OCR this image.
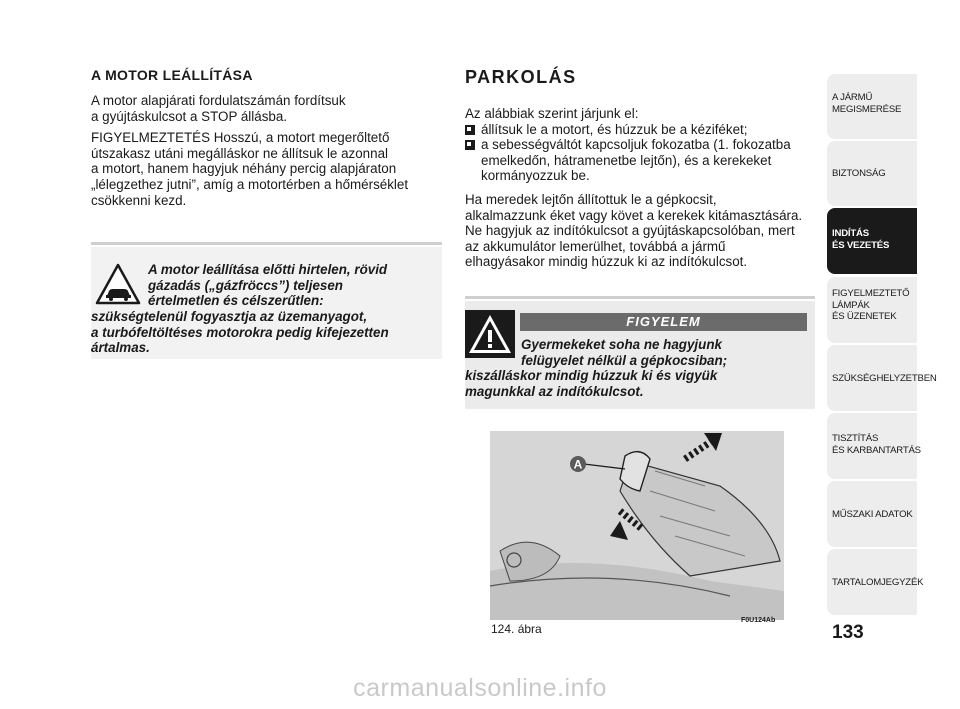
A MOTOR LEÁLLÍTÁSA

A motor alapjárati fordulatszámán fordítsuk
a gyújtáskulcsot a STOP állásba.

FIGYELMEZTETÉS Hosszú, a motort megerőltető
útszakasz utáni megálláskor ne állítsuk le azonnal
a motort, hanem hagyjuk néhány percig alapjáraton
„lélegzethez jutni”, amíg a motortérben a hőmérséklet
csökkenni kezd.

A motor leállítása előtti hirtelen, rövid
gázadás („gázfröccs”) teljesen
értelmetlen és célszerűtlen:
szükségtelenül fogyasztja az üzemanyagot,
a turbófeltöltéses motorokra pedig kifejezetten
ártalmas.
PARKOLÁS
Az alábbiak szerint járjunk el:
állítsuk le a motort, és húzzuk be a kéziféket;
a sebességváltót kapcsoljuk fokozatba (1. fokozatba
emelkedőn, hátramenetbe lejtőn), és a kerekeket
kormányozzuk be.

Ha meredek lejtőn állítottuk le a gépkocsit,
alkalmazzunk éket vagy követ a kerekek kitámasztására.
Ne hagyjuk az indítókulcsot a gyújtáskapcsolóban, mert
az akkumulátor lemerülhet, továbbá a jármű
elhagyásakor mindig húzzuk ki az indítókulcsot.

FIGYELEM
Gyermekeket soha ne hagyjunk
felügyelet nélkül a gépkocsiban;
kiszálláskor mindig húzzuk ki és vigyük
magunkkal az indítókulcsot.
A
124. ábra
F0U124Ab
A JÁRMŰ
MEGISMERÉSE
BIZTONSÁG
INDÍTÁS
ÉS VEZETÉS
FIGYELMEZTETŐ
LÁMPÁK
ÉS ÜZENETEK
SZÜKSÉGHELYZETBEN
TISZTÍTÁS
ÉS KARBANTARTÁS
MŰSZAKI ADATOK
TARTALOMJEGYZÉK
133
carmanualsonline.info
